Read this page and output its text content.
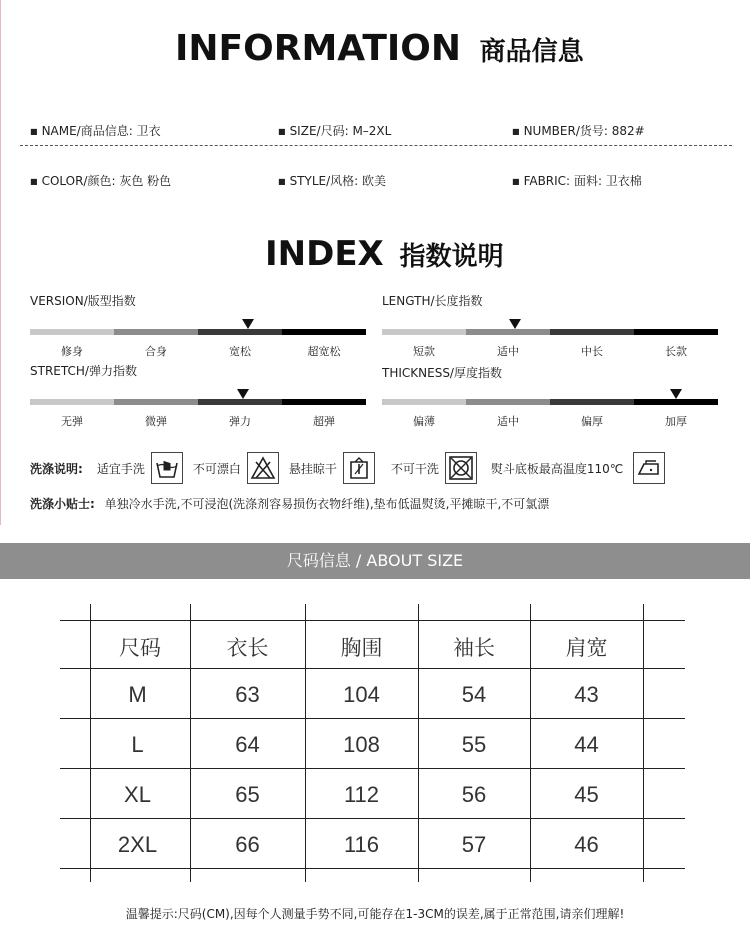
INFORMATION 商品信息
■ NAME/商品信息: 卫衣	■ SIZE/尺码: M–2XL	■ NUMBER/货号: 882#
■ COLOR/颜色: 灰色 粉色	■ STYLE/风格: 欧美	■ FABRIC: 面料: 卫衣棉
INDEX 指数说明
VERSION/版型指数
修身	合身	宽松	超宽松
LENGTH/长度指数
短款	适中	中长	长款
STRETCH/弹力指数
无弹	微弹	弹力	超弹
THICKNESS/厚度指数
偏薄	适中	偏厚	加厚
洗涤说明: 适宜手洗	不可漂白	悬挂晾干	不可干洗	熨斗底板最高温度110℃
洗涤小贴士: 单独冷水手洗,不可浸泡(洗涤剂容易损伤衣物纤维),垫布低温熨烫,平摊晾干,不可氯漂
尺码信息 / ABOUT SIZE
尺码	衣长	胸围	袖长	肩宽
M	63	104	54	43
L	64	108	55	44
XL	65	112	56	45
2XL	66	116	57	46
温馨提示:尺码(CM),因每个人测量手势不同,可能存在1-3CM的误差,属于正常范围,请亲们理解!
